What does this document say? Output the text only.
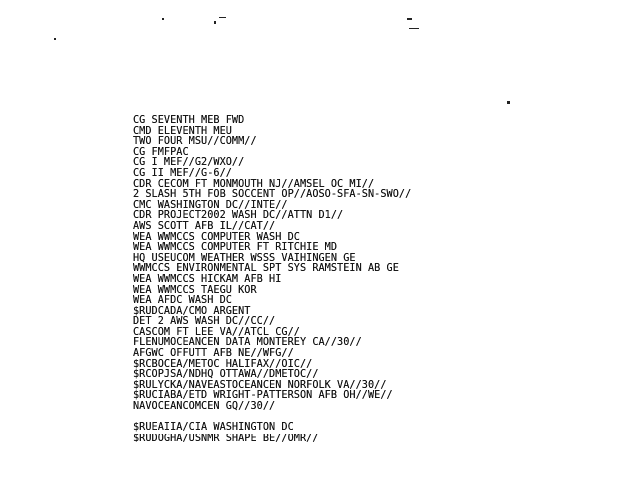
CG SEVENTH MEB FWD
CMD ELEVENTH MEU
TWO FOUR MSU//COMM//
CG FMFPAC
CG I MEF//G2/WXO//
CG II MEF//G-6//
CDR CECOM FT MONMOUTH NJ//AMSEL OC MI//
2 SLASH 5TH FOB SOCCENT OP//AOSO-SFA-SN-SWO//
CMC WASHINGTON DC//INTE//
CDR PROJECT2002 WASH DC//ATTN D1//
AWS SCOTT AFB IL//CAT//
WEA WWMCCS COMPUTER WASH DC
WEA WWMCCS COMPUTER FT RITCHIE MD
HQ USEUCOM WEATHER WSSS VAIHINGEN GE
WWMCCS ENVIRONMENTAL SPT SYS RAMSTEIN AB GE
WEA WWMCCS HICKAM AFB HI
WEA WWMCCS TAEGU KOR
WEA AFDC WASH DC
$RUDCADA/CMO ARGENT
DET 2 AWS WASH DC//CC//
CASCOM FT LEE VA//ATCL CG//
FLENUMOCEANCEN DATA MONTEREY CA//30//
AFGWC OFFUTT AFB NE//WFG//
$RCBOCEA/METOC HALIFAX//OIC//
$RCOPJSA/NDHQ OTTAWA//DMETOC//
$RULYCKA/NAVEASTOCEANCEN NORFOLK VA//30//
$RUCIABA/ETD WRIGHT-PATTERSON AFB OH//WE//
NAVOCEANCOMCEN GQ//30//
$RUEAIIA/CIA WASHINGTON DC
$RUDOGHA/USNMR SHAPE BE//OMR//
